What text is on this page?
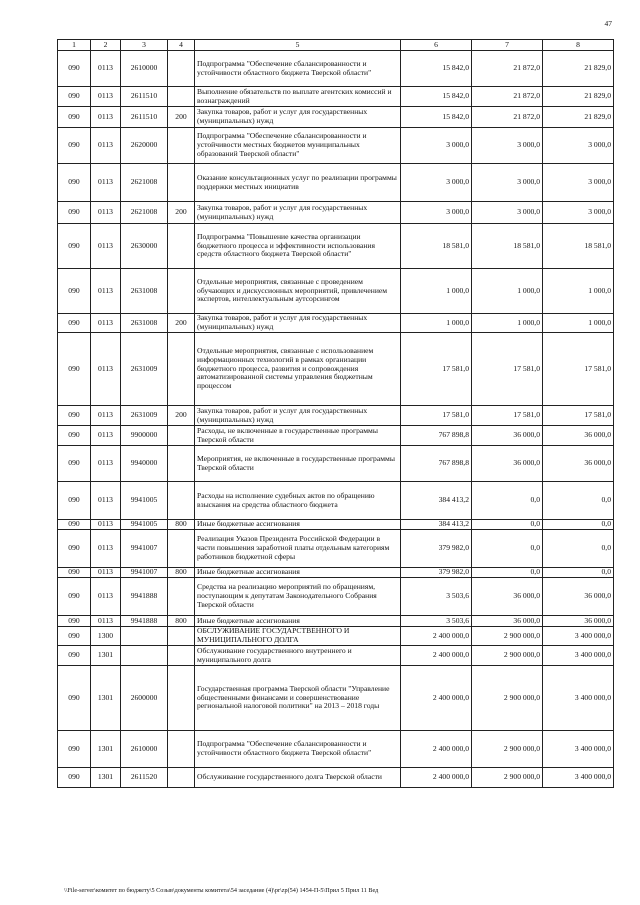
47
1	2	3	4	5	6	7	8
090	0113	2610000		Подпрограмма "Обеспечение сбалансированности и устойчивости областного бюджета Тверской области"	15 842,0	21 872,0	21 829,0
090	0113	2611510		Выполнение обязательств по выплате агентских комиссий и вознаграждений	15 842,0	21 872,0	21 829,0
090	0113	2611510	200	Закупка товаров, работ и услуг для государственных (муниципальных) нужд	15 842,0	21 872,0	21 829,0
090	0113	2620000		Подпрограмма "Обеспечение сбалансированности и устойчивости местных бюджетов муниципальных образований Тверской области"	3 000,0	3 000,0	3 000,0
090	0113	2621008		Оказание консультационных услуг по реализации программы поддержки местных инициатив	3 000,0	3 000,0	3 000,0
090	0113	2621008	200	Закупка товаров, работ и услуг для государственных (муниципальных) нужд	3 000,0	3 000,0	3 000,0
090	0113	2630000		Подпрограмма "Повышение качества организации бюджетного процесса и эффективности использования средств областного бюджета Тверской области"	18 581,0	18 581,0	18 581,0
090	0113	2631008		Отдельные мероприятия, связанные с проведением обучающих и дискуссионных мероприятий, привлечением экспертов, интеллектуальным аутсорсингом	1 000,0	1 000,0	1 000,0
090	0113	2631008	200	Закупка товаров, работ и услуг для государственных (муниципальных) нужд	1 000,0	1 000,0	1 000,0
090	0113	2631009		Отдельные мероприятия, связанные с использованием информационных технологий в рамках организации бюджетного процесса, развития и сопровождения автоматизированной системы управления бюджетным процессом	17 581,0	17 581,0	17 581,0
090	0113	2631009	200	Закупка товаров, работ и услуг для государственных (муниципальных) нужд	17 581,0	17 581,0	17 581,0
090	0113	9900000		Расходы, не включенные в государственные программы Тверской области	767 898,8	36 000,0	36 000,0
090	0113	9940000		Мероприятия, не включенные в государственные программы Тверской области	767 898,8	36 000,0	36 000,0
090	0113	9941005		Расходы на исполнение судебных актов по обращению взыскания на средства областного бюджета	384 413,2	0,0	0,0
090	0113	9941005	800	Иные бюджетные ассигнования	384 413,2	0,0	0,0
090	0113	9941007		Реализация Указов Президента Российской Федерации в части повышения заработной платы отдельным категориям работников бюджетной сферы	379 982,0	0,0	0,0
090	0113	9941007	800	Иные бюджетные ассигнования	379 982,0	0,0	0,0
090	0113	9941888		Средства на реализацию мероприятий по обращениям, поступающим к депутатам Законодательного Собрания Тверской области	3 503,6	36 000,0	36 000,0
090	0113	9941888	800	Иные бюджетные ассигнования	3 503,6	36 000,0	36 000,0
090	1300			ОБСЛУЖИВАНИЕ ГОСУДАРСТВЕННОГО И МУНИЦИПАЛЬНОГО ДОЛГА	2 400 000,0	2 900 000,0	3 400 000,0
090	1301			Обслуживание государственного внутреннего и муниципального долга	2 400 000,0	2 900 000,0	3 400 000,0
090	1301	2600000		Государственная программа Тверской области "Управление общественными финансами и совершенствование региональной налоговой политики" на 2013 – 2018 годы	2 400 000,0	2 900 000,0	3 400 000,0
090	1301	2610000		Подпрограмма "Обеспечение сбалансированности и устойчивости областного бюджета Тверской области"	2 400 000,0	2 900 000,0	3 400 000,0
090	1301	2611520		Обслуживание государственного долга Тверской области	2 400 000,0	2 900 000,0	3 400 000,0
\\File-server\комитет по бюджету\5 Созыв\документы комитета\54 заседание (4)\pr\zp(54) 1454-П-5\Прил 5 Прил 11 Вед
